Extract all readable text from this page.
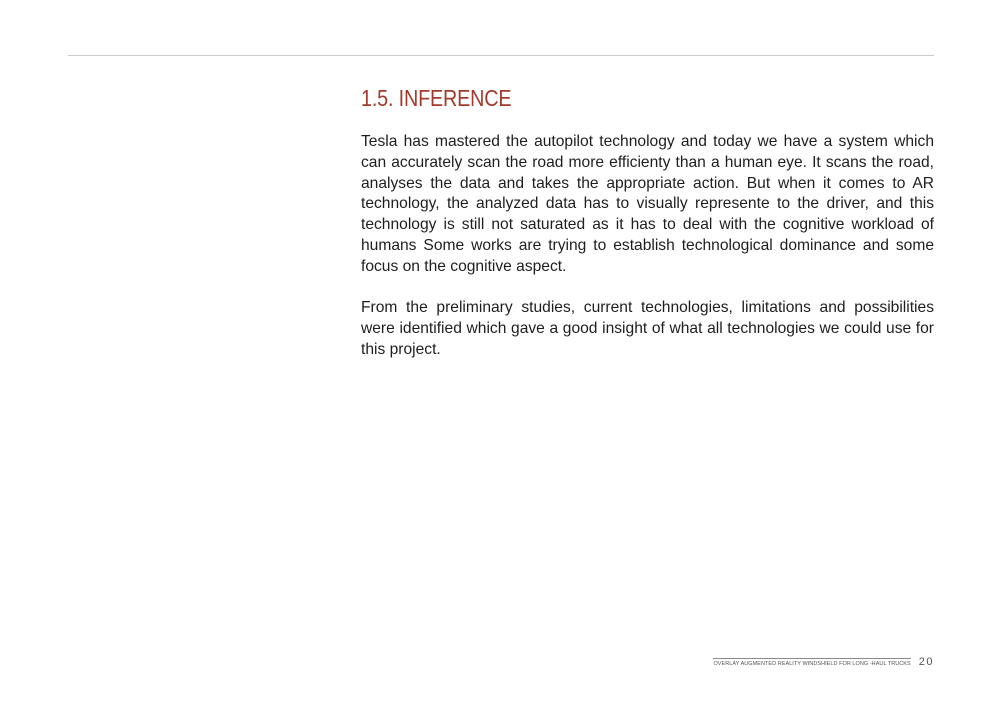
1.5. INFERENCE

Tesla has mastered the autopilot technology and today we have a system which can accurately scan the road more efficienty than a human eye. It scans the road, analyses the data and takes the appropriate action. But when it comes to AR technology, the analyzed data has to visually represente to the driver, and this technology is still not saturated as it has to deal with the cognitive workload of humans Some works are trying to establish technological dominance and some focus on the cognitive aspect.

From the preliminary studies, current technologies, limitations and possibilities were identified which gave a good insight of what all technologies we could use for this project.

OVERLAY AUGMENTED REALITY WINDSHIELD FOR LONG -HAUL TRUCKS 20
